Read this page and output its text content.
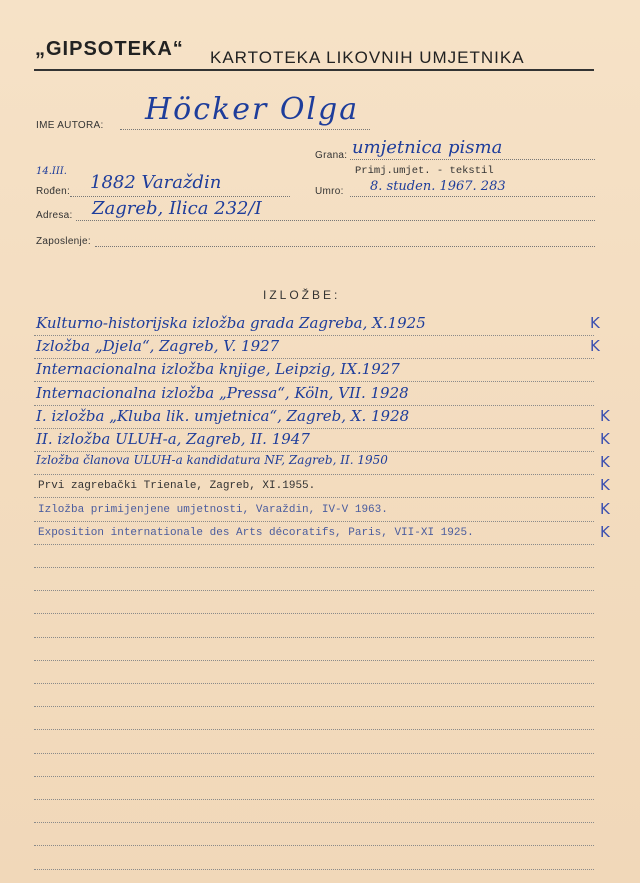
„GIPSOTEKA“ KARTOTEKA LIKOVNIH UMJETNIKA
IME AUTORA: Höcker Olga
Grana: umjetnica pisma
Primj.umjet. - tekstil
14.III.
Rođen: 1882 Varaždin	Umro: 8. studen. 1967. 283
Adresa: Zagreb, Ilica 232/I
Zaposlenje:
IZLOŽBE:
Kulturno-historijska izložba grada Zagreba, X.1925	K
Izložba „Djela“, Zagreb, V. 1927	K
Internacionalna izložba knjige, Leipzig, IX.1927
Internacionalna izložba „Pressa“, Köln, VII. 1928
I. izložba „Kluba lik. umjetnica“, Zagreb, X. 1928	K
II. izložba ULUH-a, Zagreb, II. 1947	K
Izložba članova ULUH-a kandidatura NF, Zagreb, II. 1950	K
Prvi zagrebački Trienale, Zagreb, XI.1955.	K
Izložba primijenjene umjetnosti, Varaždin, IV-V 1963.	K
Exposition internationale des Arts décoratifs, Paris, VII-XI 1925.	K
